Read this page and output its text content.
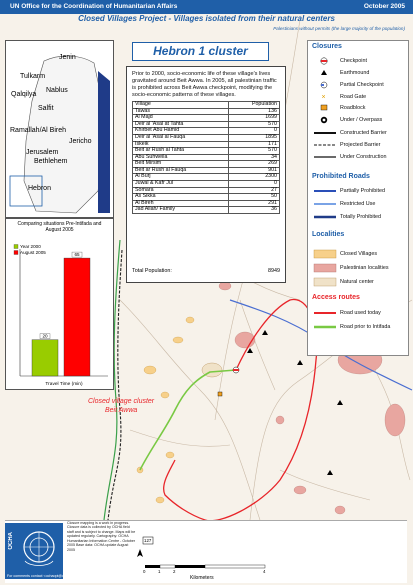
UN Office for the Coordination of Humanitarian Affairs	October 2005
Closed Villages Project - Villages isolated from their natural centers
Palestinians without permits (the large majority of the population)
Jenin
Tulkarm
Nablus
Qalqilya
Salfit
Ramallah/Al Bireh
Jericho
Jerusalem
Bethlehem
Hebron
Comparing situations Pre-Intifada and August 2005
20
Year 2000
65
August 2005
Travel Time (min)
Hebron 1 cluster
Prior to 2000, socio-economic life of these village's lives gravitated around Beit Awwa. In 2005, all palestinian traffic is prohibited across Beit Awwa checkpoint, modifying the socio-economic patterns of these villages.
Village	Population
Tawas	136
Al Majd	1699
Deir al 'Asal at Tahta	570
Khirbet Abu Hamid	0
Deir al 'Asal al Fauqa	1895
Iskeik	171
Beit ar Rush al Tahta	570
Abu Suhweila	34
Beit Mirsim	269
Beit ar Rush al Fauqa	901
Al Burj	2300
Juwal & Kafr Jul	0
Somara	27
As Sikka	50
Al Bireh	291
Jad Allah/ Family	36
Total Population:	8949
Closed village cluster
Beit Awwa
Closures
×
Checkpoint
Earthmound
Partial Checkpoint
Road Gate
Roadblock
Under / Overpass
Constructed Barrier
Projected Barrier
Under Construction
Prohibited Roads
Partially Prohibited
Restricted Use
Totally Prohibited
Localities
Closed Villages
Palestinian localities
Natural center
Access routes
Road used today
Road prior to Intifada
OCHA
Closure mapping is a work in progress. Closure data is collected by OCHA field staff and is subject to change. Maps will be updated regularly. Cartography: OCHA Humanitarian Information Centre - October 2005 Base data: OCHA update August 2005
For comments contact <ochaopt@un.org> Tel. +972 (0)2 582 9962 http://www.ochaopt.org
127
0	1	2	4
Kilometers
